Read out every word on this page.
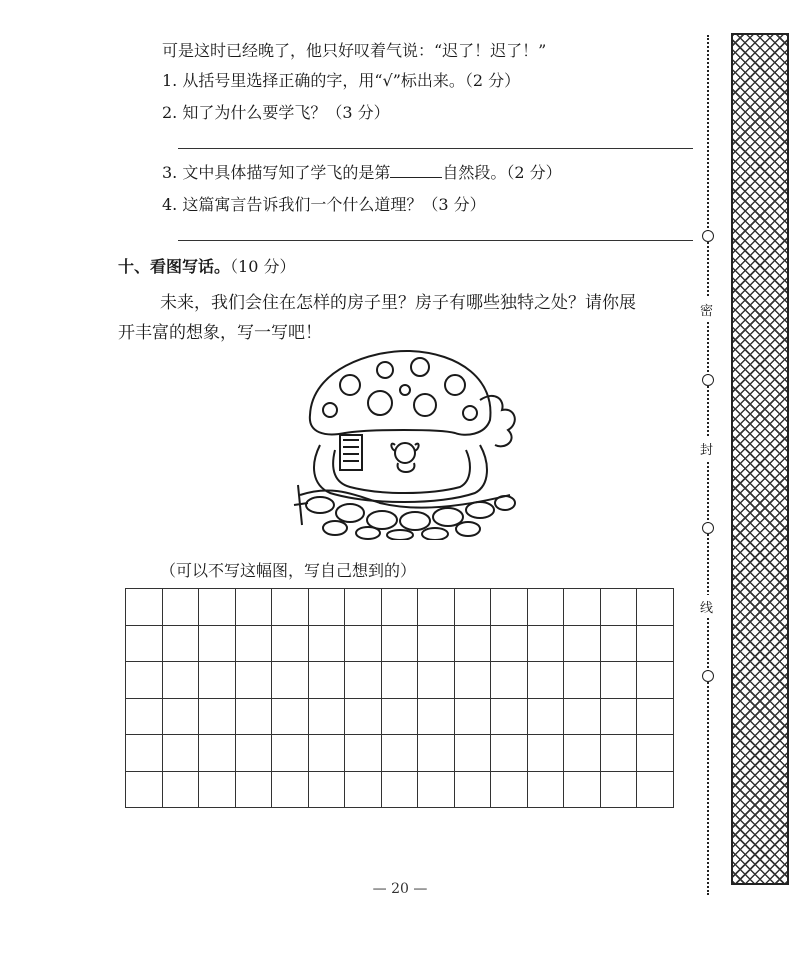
可是这时已经晚了，他只好叹着气说：“迟了！迟了！”
1. 从括号里选择正确的字，用“√”标出来。（2 分）
2. 知了为什么要学飞？（3 分）
3. 文中具体描写知了学飞的是第	自然段。（2 分）
4. 这篇寓言告诉我们一个什么道理？（3 分）
十、看图写话。（10 分）
未来，我们会住在怎样的房子里？房子有哪些独特之处？请你展
开丰富的想象，写一写吧！
（可以不写这幅图，写自己想到的）

密
封
线
— 20 —
